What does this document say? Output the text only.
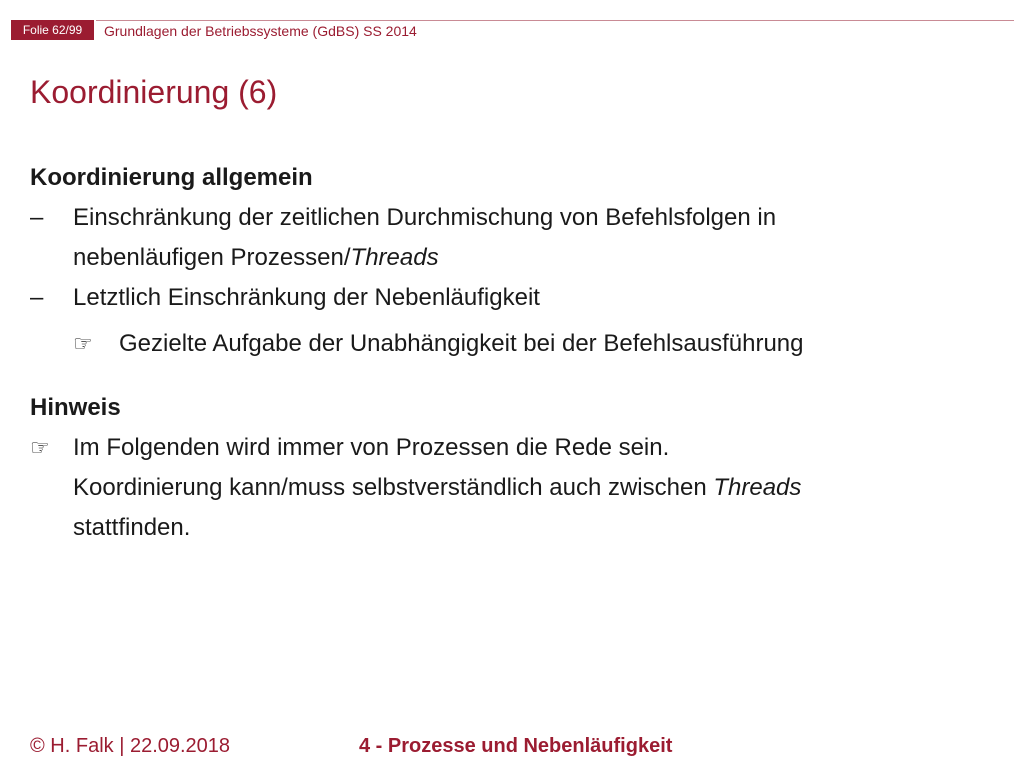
Folie 62/99	Grundlagen der Betriebssysteme (GdBS) SS 2014
Koordinierung (6)
Koordinierung allgemein
–	Einschränkung der zeitlichen Durchmischung von Befehlsfolgen in
nebenläufigen Prozessen/Threads
–	Letztlich Einschränkung der Nebenläufigkeit
☞	Gezielte Aufgabe der Unabhängigkeit bei der Befehlsausführung
Hinweis
☞ Im Folgenden wird immer von Prozessen die Rede sein.
Koordinierung kann/muss selbstverständlich auch zwischen Threads
stattfinden.
© H. Falk | 22.09.2018	4 - Prozesse und Nebenläufigkeit
